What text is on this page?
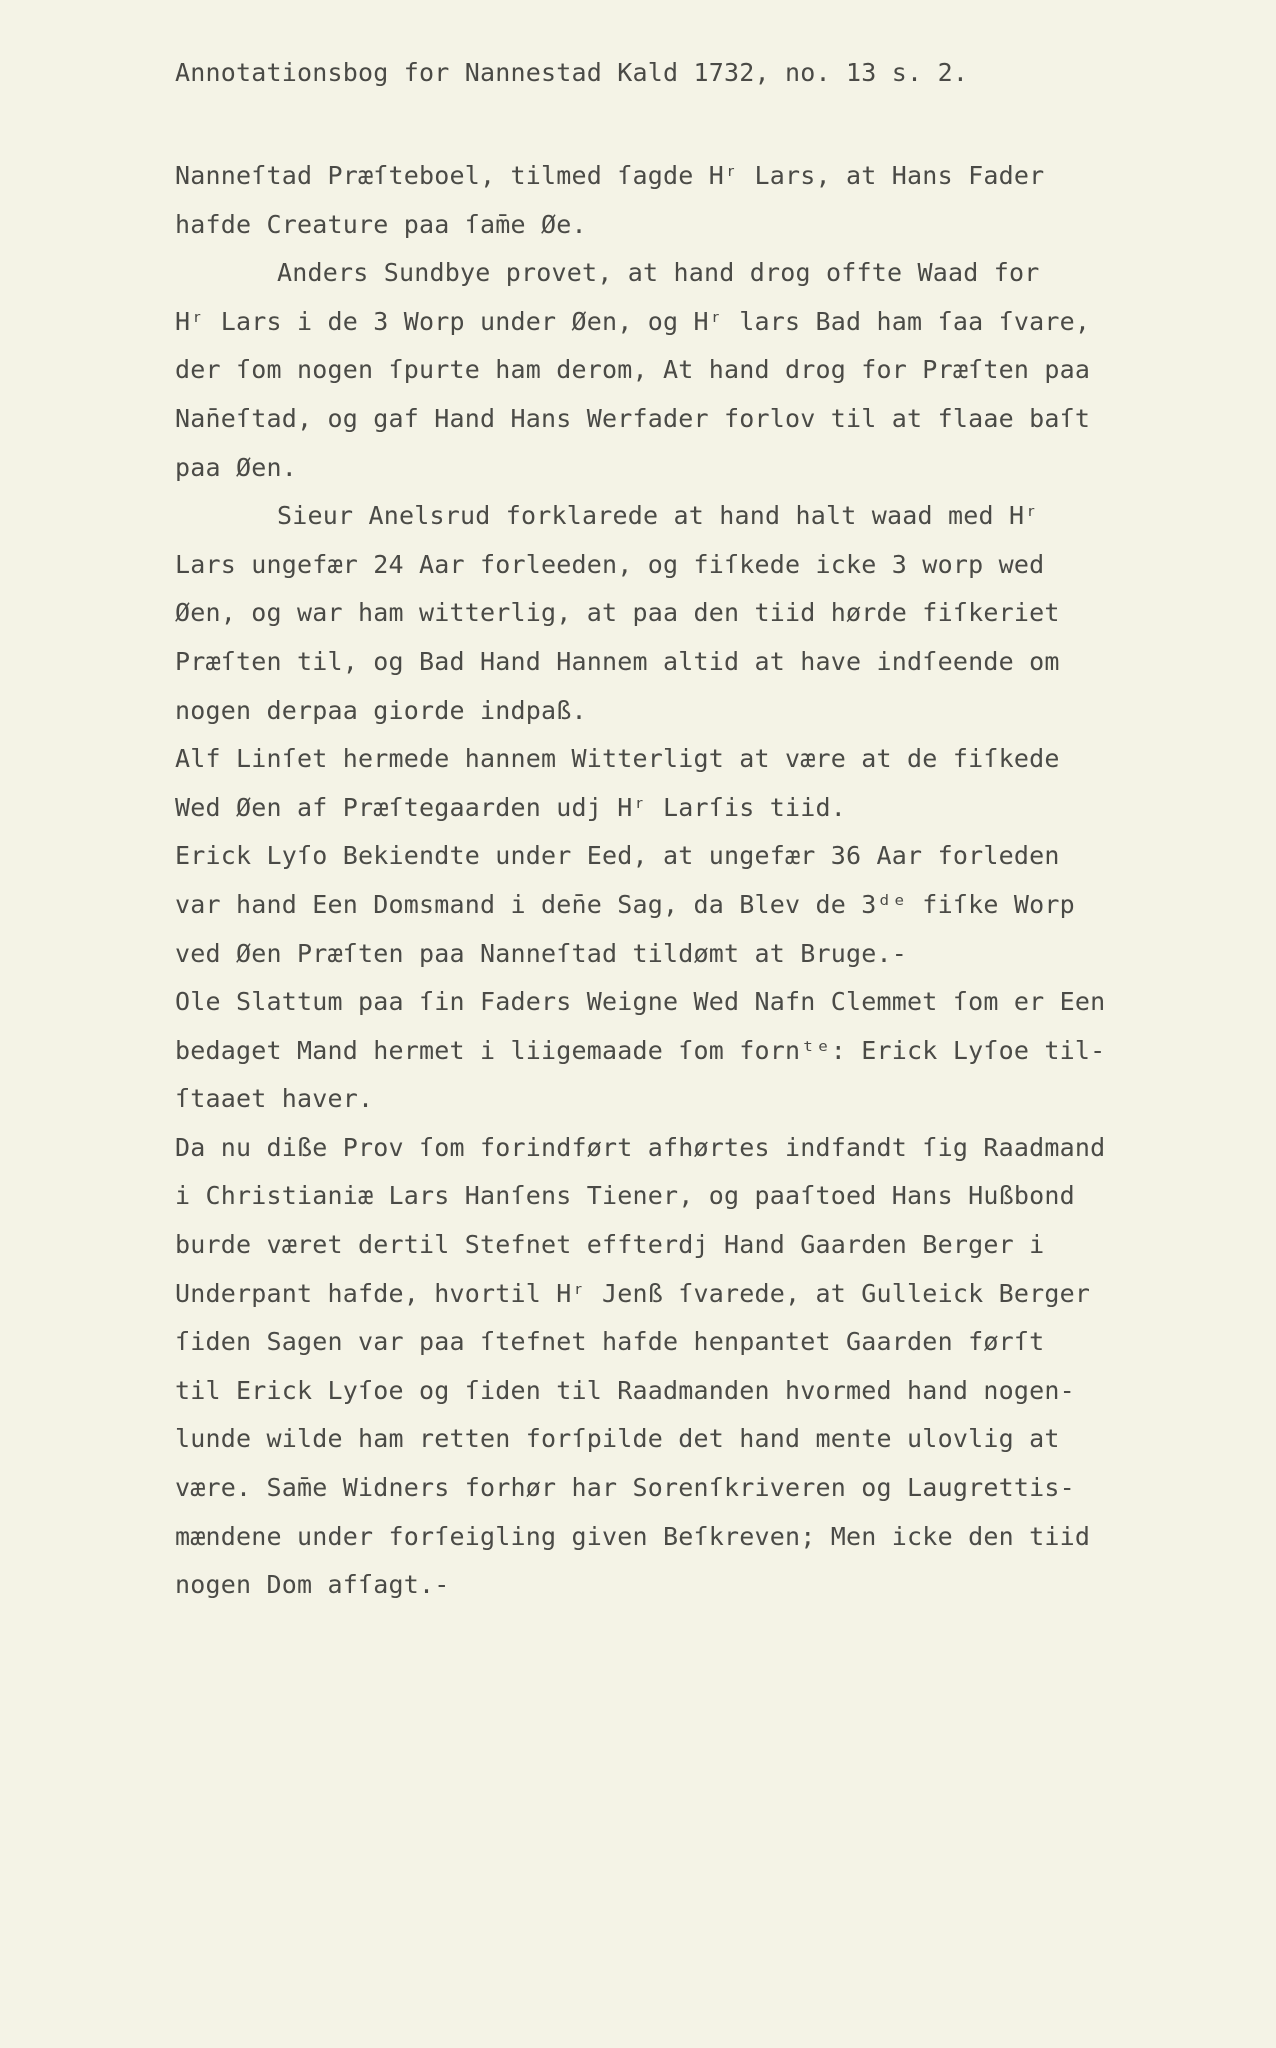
Annotationsbog for Nannestad Kald 1732, no. 13 s. 2.
Nanneſtad Præſteboel, tilmed ſagde Hʳ Lars, at Hans Fader
hafde Creature paa ſam̄e Øe.
Anders Sundbye provet, at hand drog offte Waad for
Hʳ Lars i de 3 Worp under Øen, og Hʳ lars Bad ham ſaa ſvare,
der ſom nogen ſpurte ham derom, At hand drog for Præſten paa
Nan̄eſtad, og gaf Hand Hans Werfader forlov til at flaae baſt
paa Øen.
Sieur Anelsrud forklarede at hand halt waad med Hʳ
Lars ungefær 24 Aar forleeden, og fiſkede icke 3 worp wed
Øen, og war ham witterlig, at paa den tiid hørde fiſkeriet
Præſten til, og Bad Hand Hannem altid at have indſeende om
nogen derpaa giorde indpaß.
Alf Linſet hermede hannem Witterligt at være at de fiſkede
Wed Øen af Præſtegaarden udj Hʳ Larſis tiid.
Erick Lyſo Bekiendte under Eed, at ungefær 36 Aar forleden
var hand Een Domsmand i den̄e Sag, da Blev de 3ᵈᵉ fiſke Worp
ved Øen Præſten paa Nanneſtad tildømt at Bruge.-
Ole Slattum paa ſin Faders Weigne Wed Nafn Clemmet ſom er Een
bedaget Mand hermet i liigemaade ſom fornᵗᵉ: Erick Lyſoe til-
ſtaaet haver.
Da nu diße Prov ſom forindført afhørtes indfandt ſig Raadmand
i Christianiæ Lars Hanſens Tiener, og paaſtoed Hans Hußbond
burde været dertil Stefnet effterdj Hand Gaarden Berger i
Underpant hafde, hvortil Hʳ Jenß ſvarede, at Gulleick Berger
ſiden Sagen var paa ſtefnet hafde henpantet Gaarden førſt
til Erick Lyſoe og ſiden til Raadmanden hvormed hand nogen-
lunde wilde ham retten forſpilde det hand mente ulovlig at
være. Sam̄e Widners forhør har Sorenſkriveren og Laugrettis-
mændene under forſeigling given Beſkreven; Men icke den tiid
nogen Dom afſagt.-
